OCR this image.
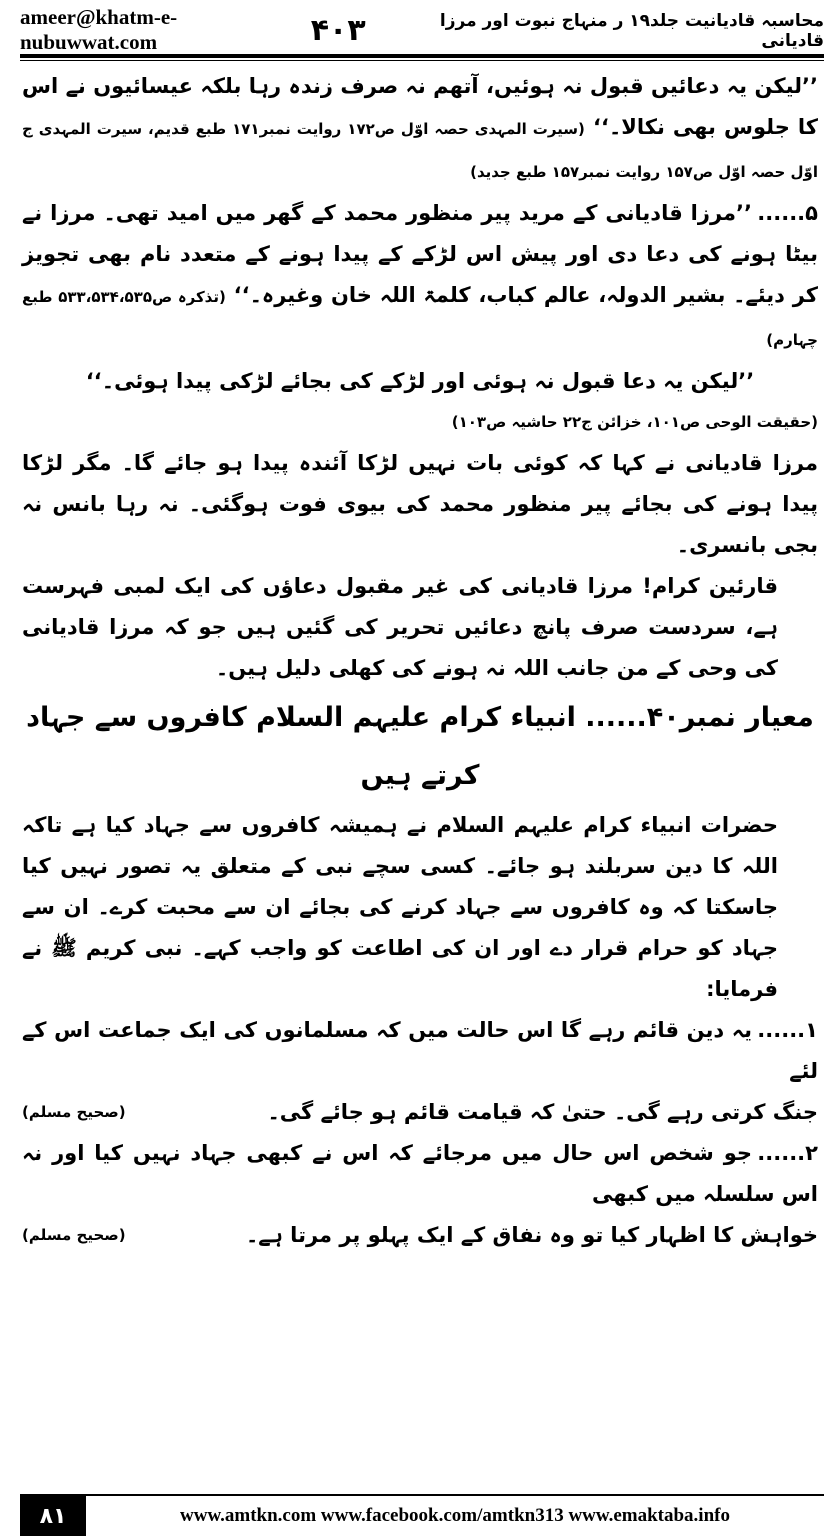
ameer@khatm-e-nubuwwat.com
محاسبہ قادیانیت جلد۱۹ ر منہاج نبوت اور مرزا قادیانی
۴۰۳

’’لیکن یہ دعائیں قبول نہ ہوئیں، آتھم نہ صرف زندہ رہا بلکہ عیسائیوں نے اس کا جلوس بھی نکالا۔‘‘ (سیرت المہدی حصہ اوّل ص۱۷۲ روایت نمبر۱۷۱ طبع قدیم، سیرت المہدی ج اوّل حصہ اوّل ص۱۵۷ روایت نمبر۱۵۷ طبع جدید)

۵......’’مرزا قادیانی کے مرید پیر منظور محمد کے گھر میں امید تھی۔ مرزا نے بیٹا ہونے کی دعا دی اور پیش اس لڑکے کے پیدا ہونے کے متعدد نام بھی تجویز کر دیئے۔ بشیر الدولہ، عالم کباب، کلمۃ اللہ خان وغیرہ۔‘‘ (تذکرہ ص۵۳۳،۵۳۴،۵۳۵ طبع چہارم)

’’لیکن یہ دعا قبول نہ ہوئی اور لڑکے کی بجائے لڑکی پیدا ہوئی۔‘‘

(حقیقت الوحی ص۱۰۱، خزائن ج۲۲ حاشیہ ص۱۰۳)

مرزا قادیانی نے کہا کہ کوئی بات نہیں لڑکا آئندہ پیدا ہو جائے گا۔ مگر لڑکا پیدا ہونے کی بجائے پیر منظور محمد کی بیوی فوت ہوگئی۔ نہ رہا بانس نہ بجی بانسری۔

قارئین کرام! مرزا قادیانی کی غیر مقبول دعاؤں کی ایک لمبی فہرست ہے، سردست صرف پانچ دعائیں تحریر کی گئیں ہیں جو کہ مرزا قادیانی کی وحی کے من جانب اللہ نہ ہونے کی کھلی دلیل ہیں۔

معیار نمبر۴۰...... انبیاء کرام علیہم السلام کافروں سے جہاد کرتے ہیں

حضرات انبیاء کرام علیہم السلام نے ہمیشہ کافروں سے جہاد کیا ہے تاکہ اللہ کا دین سربلند ہو جائے۔ کسی سچے نبی کے متعلق یہ تصور نہیں کیا جاسکتا کہ وہ کافروں سے جہاد کرنے کی بجائے ان سے محبت کرے۔ ان سے جہاد کو حرام قرار دے اور ان کی اطاعت کو واجب کہے۔ نبی کریم ﷺ نے فرمایا:

۱......یہ دین قائم رہے گا اس حالت میں کہ مسلمانوں کی ایک جماعت اس کے لئے
جنگ کرتی رہے گی۔ حتیٰ کہ قیامت قائم ہو جائے گی۔
(صحیح مسلم)
۲......جو شخص اس حال میں مرجائے کہ اس نے کبھی جہاد نہیں کیا اور نہ اس سلسلہ میں کبھی
خواہش کا اظہار کیا تو وہ نفاق کے ایک پہلو پر مرتا ہے۔
(صحیح مسلم)
۸۱	www.amtkn.com www.facebook.com/amtkn313 www.emaktaba.info
